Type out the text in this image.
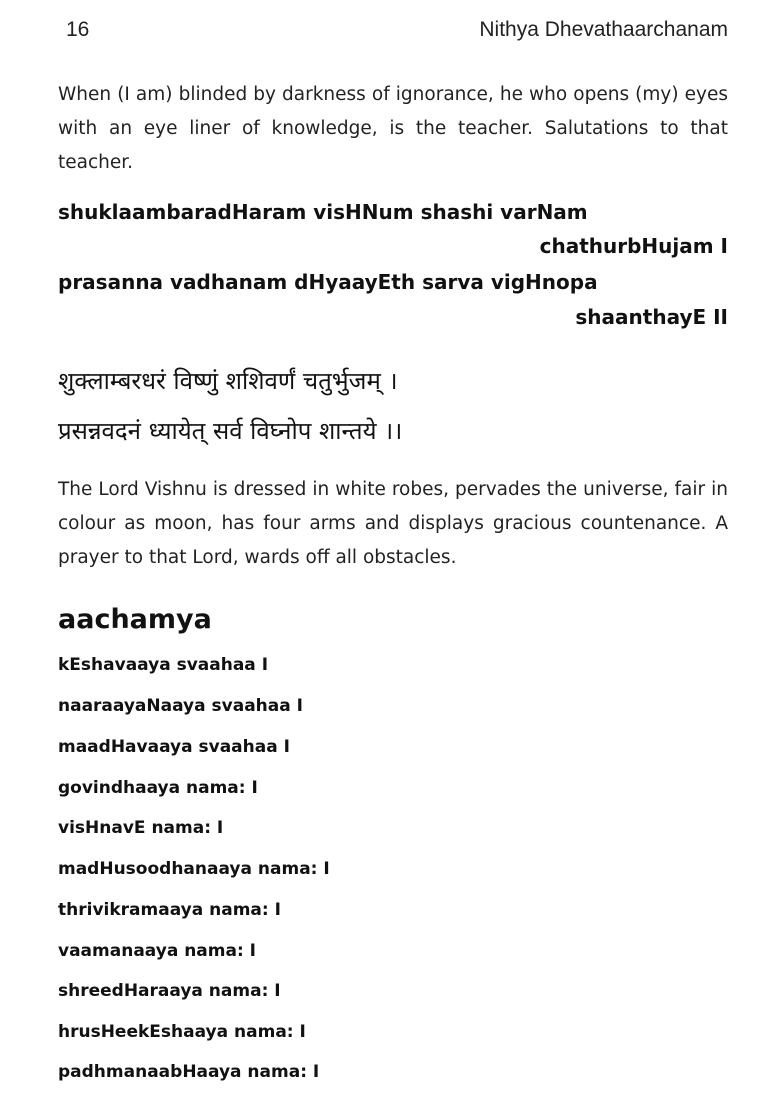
16	Nithya Dhevathaarchanam
When (I am) blinded by darkness of ignorance, he who opens (my) eyes with an eye liner of knowledge, is the teacher. Salutations to that teacher.
shuklaambaradHaram visHNum shashi varNam
chathurbHujam I
prasanna vadhanam dHyaayEth sarva vigHnopa
shaanthayE II
शुक्लाम्बरधरं विष्णुं शशिवर्णं चतुर्भुजम् ।
प्रसन्नवदनं ध्यायेत् सर्व विघ्नोप शान्तये ।।
The Lord Vishnu is dressed in white robes, pervades the universe, fair in colour as moon, has four arms and displays gracious countenance. A prayer to that Lord, wards off all obstacles.
aachamya
kEshavaaya svaahaa I
naaraayaNaaya svaahaa I
maadHavaaya svaahaa I
govindhaaya nama: I
visHnavE nama: I
madHusoodhanaaya nama: I
thrivikramaaya nama: I
vaamanaaya nama: I
shreedHaraaya nama: I
hrusHeekEshaaya nama: I
padhmanaabHaaya nama: I
